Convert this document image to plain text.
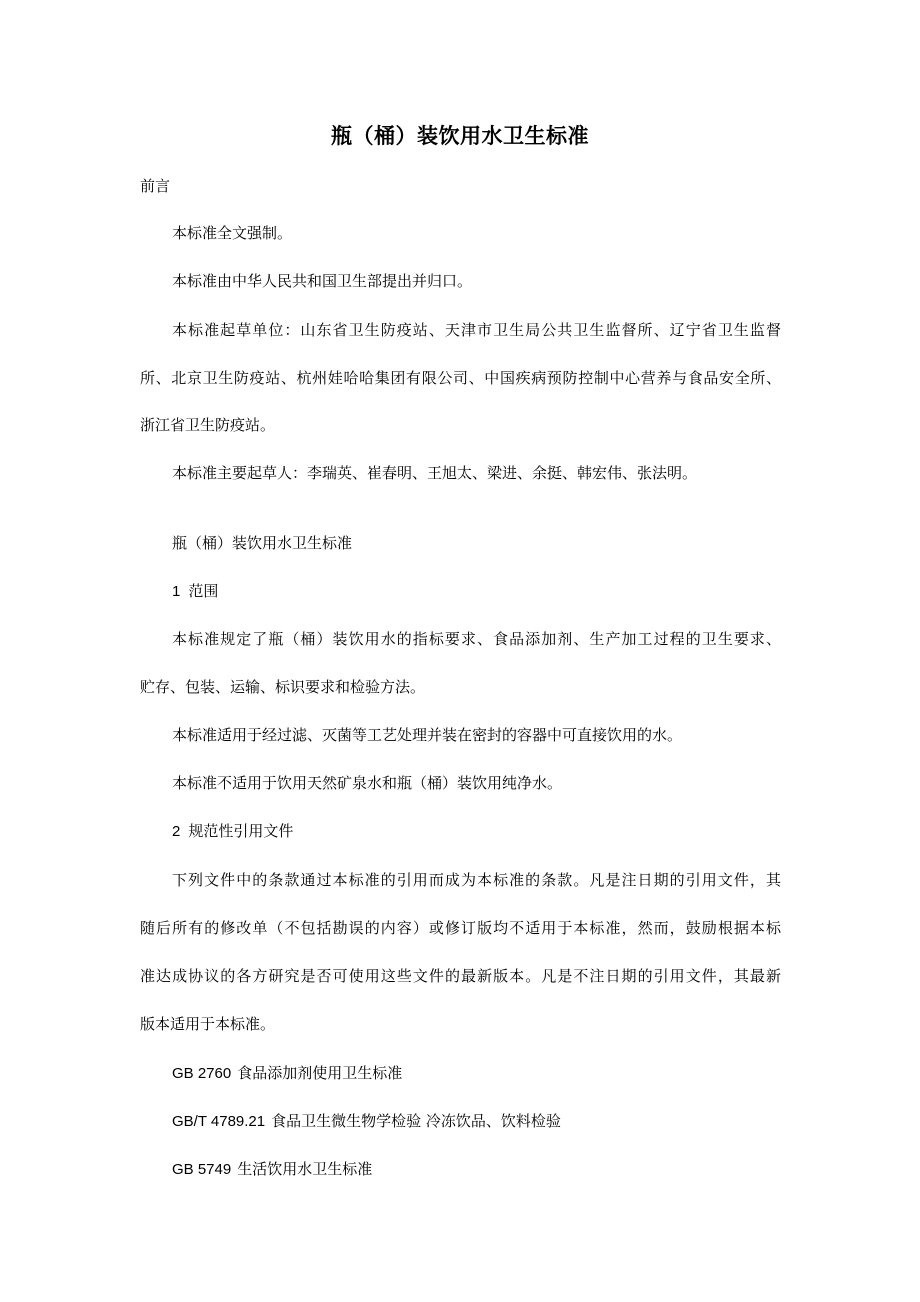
瓶（桶）装饮用水卫生标准
前言
本标准全文强制。
本标准由中华人民共和国卫生部提出并归口。
本标准起草单位：山东省卫生防疫站、天津市卫生局公共卫生监督所、辽宁省卫生监督
所、北京卫生防疫站、杭州娃哈哈集团有限公司、中国疾病预防控制中心营养与食品安全所、
浙江省卫生防疫站。
本标准主要起草人：李瑞英、崔春明、王旭太、梁进、余挺、韩宏伟、张法明。
瓶（桶）装饮用水卫生标准
1 范围
本标准规定了瓶（桶）装饮用水的指标要求、食品添加剂、生产加工过程的卫生要求、
贮存、包装、运输、标识要求和检验方法。
本标准适用于经过滤、灭菌等工艺处理并装在密封的容器中可直接饮用的水。
本标准不适用于饮用天然矿泉水和瓶（桶）装饮用纯净水。
2 规范性引用文件
下列文件中的条款通过本标准的引用而成为本标准的条款。凡是注日期的引用文件，其
随后所有的修改单（不包括勘误的内容）或修订版均不适用于本标准，然而，鼓励根据本标
准达成协议的各方研究是否可使用这些文件的最新版本。凡是不注日期的引用文件，其最新
版本适用于本标准。
GB 2760 食品添加剂使用卫生标准
GB/T 4789.21 食品卫生微生物学检验 冷冻饮品、饮料检验
GB 5749 生活饮用水卫生标准
